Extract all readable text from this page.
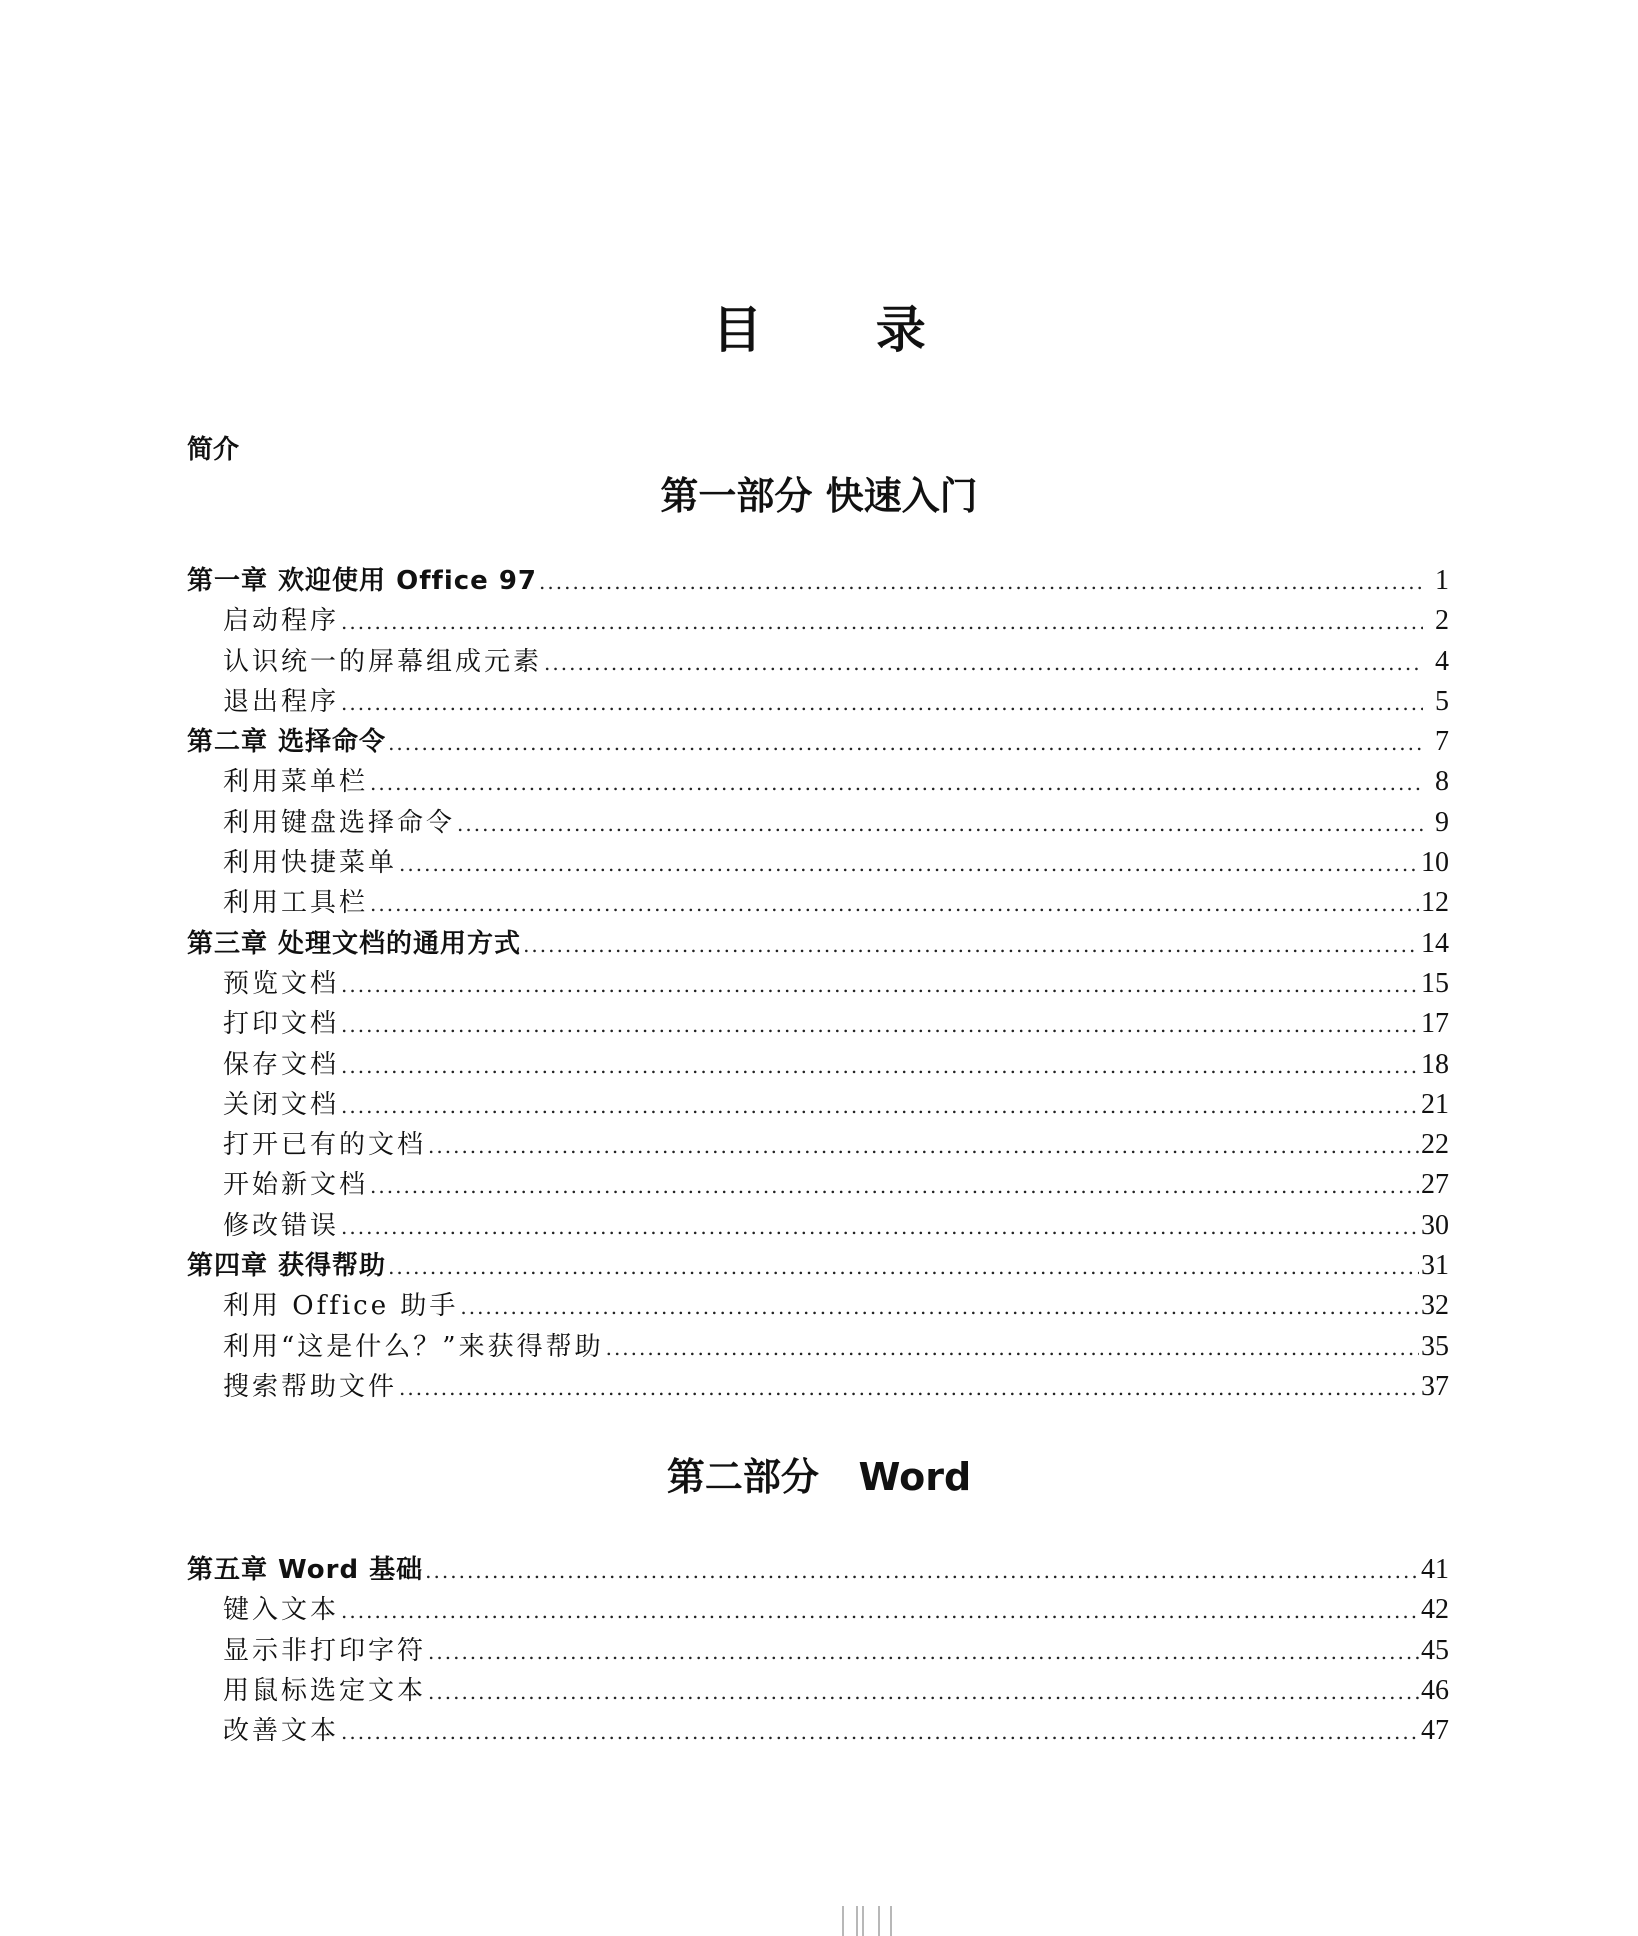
目 录
简介
第一部分 快速入门
第一章 欢迎使用 Office 97 .....	1
启动程序 .....	2
认识统一的屏幕组成元素 .....	4
退出程序 .....	5
第二章 选择命令 .....	7
利用菜单栏 .....	8
利用键盘选择命令 .....	9
利用快捷菜单 .....	10
利用工具栏 .....	12
第三章 处理文档的通用方式 .....	14
预览文档 .....	15
打印文档 .....	17
保存文档 .....	18
关闭文档 .....	21
打开已有的文档 .....	22
开始新文档 .....	27
修改错误 .....	30
第四章 获得帮助 .....	31
利用 Office 助手 .....	32
利用“这是什么？”来获得帮助 .....	35
搜索帮助文件 .....	37
第二部分   Word
第五章 Word 基础 .....	41
键入文本 .....	42
显示非打印字符 .....	45
用鼠标选定文本 .....	46
改善文本 .....	47
